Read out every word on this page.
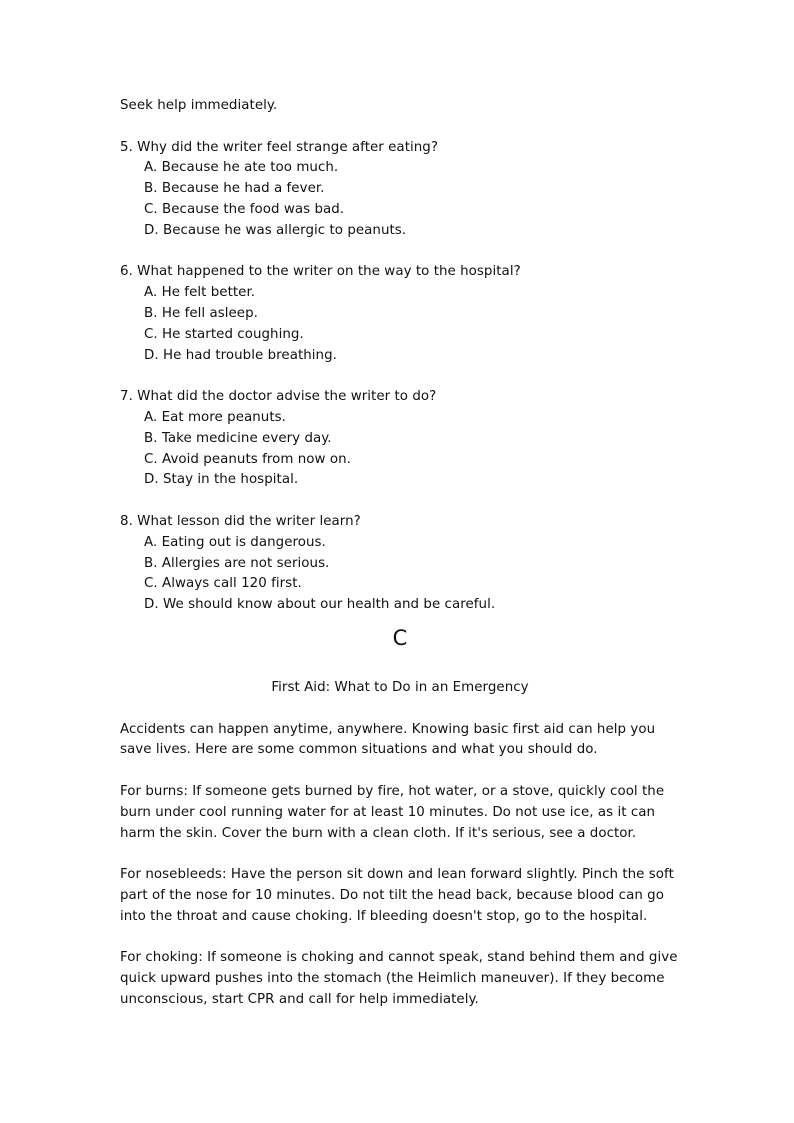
Seek help immediately.

5. Why did the writer feel strange after eating?

A. Because he ate too much.
B. Because he had a fever.
C. Because the food was bad.
D. Because he was allergic to peanuts.

6. What happened to the writer on the way to the hospital?

A. He felt better.
B. He fell asleep.
C. He started coughing.
D. He had trouble breathing.

7. What did the doctor advise the writer to do?

A. Eat more peanuts.
B. Take medicine every day.
C. Avoid peanuts from now on.
D. Stay in the hospital.

8. What lesson did the writer learn?

A. Eating out is dangerous.
B. Allergies are not serious.
C. Always call 120 first.
D. We should know about our health and be careful.
C

First Aid: What to Do in an Emergency

Accidents can happen anytime, anywhere. Knowing basic first aid can help you save lives. Here are some common situations and what you should do.

For burns: If someone gets burned by fire, hot water, or a stove, quickly cool the burn under cool running water for at least 10 minutes. Do not use ice, as it can harm the skin. Cover the burn with a clean cloth. If it's serious, see a doctor.

For nosebleeds: Have the person sit down and lean forward slightly. Pinch the soft part of the nose for 10 minutes. Do not tilt the head back, because blood can go into the throat and cause choking. If bleeding doesn't stop, go to the hospital.

For choking: If someone is choking and cannot speak, stand behind them and give quick upward pushes into the stomach (the Heimlich maneuver). If they become unconscious, start CPR and call for help immediately.
